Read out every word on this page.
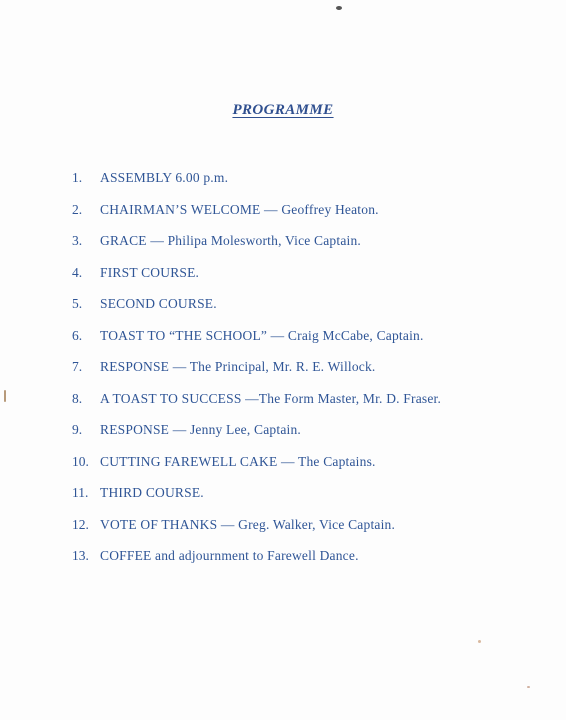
PROGRAMME
1.	ASSEMBLY 6.00 p.m.
2.	CHAIRMAN’S WELCOME — Geoffrey Heaton.
3.	GRACE — Philipa Molesworth, Vice Captain.
4.	FIRST COURSE.
5.	SECOND COURSE.
6.	TOAST TO “THE SCHOOL” — Craig McCabe, Captain.
7.	RESPONSE — The Principal, Mr. R. E. Willock.
8.	A TOAST TO SUCCESS —The Form Master, Mr. D. Fraser.
9.	RESPONSE — Jenny Lee, Captain.
10. CUTTING FAREWELL CAKE — The Captains.
11. THIRD COURSE.
12. VOTE OF THANKS — Greg. Walker, Vice Captain.
13. COFFEE and adjournment to Farewell Dance.
